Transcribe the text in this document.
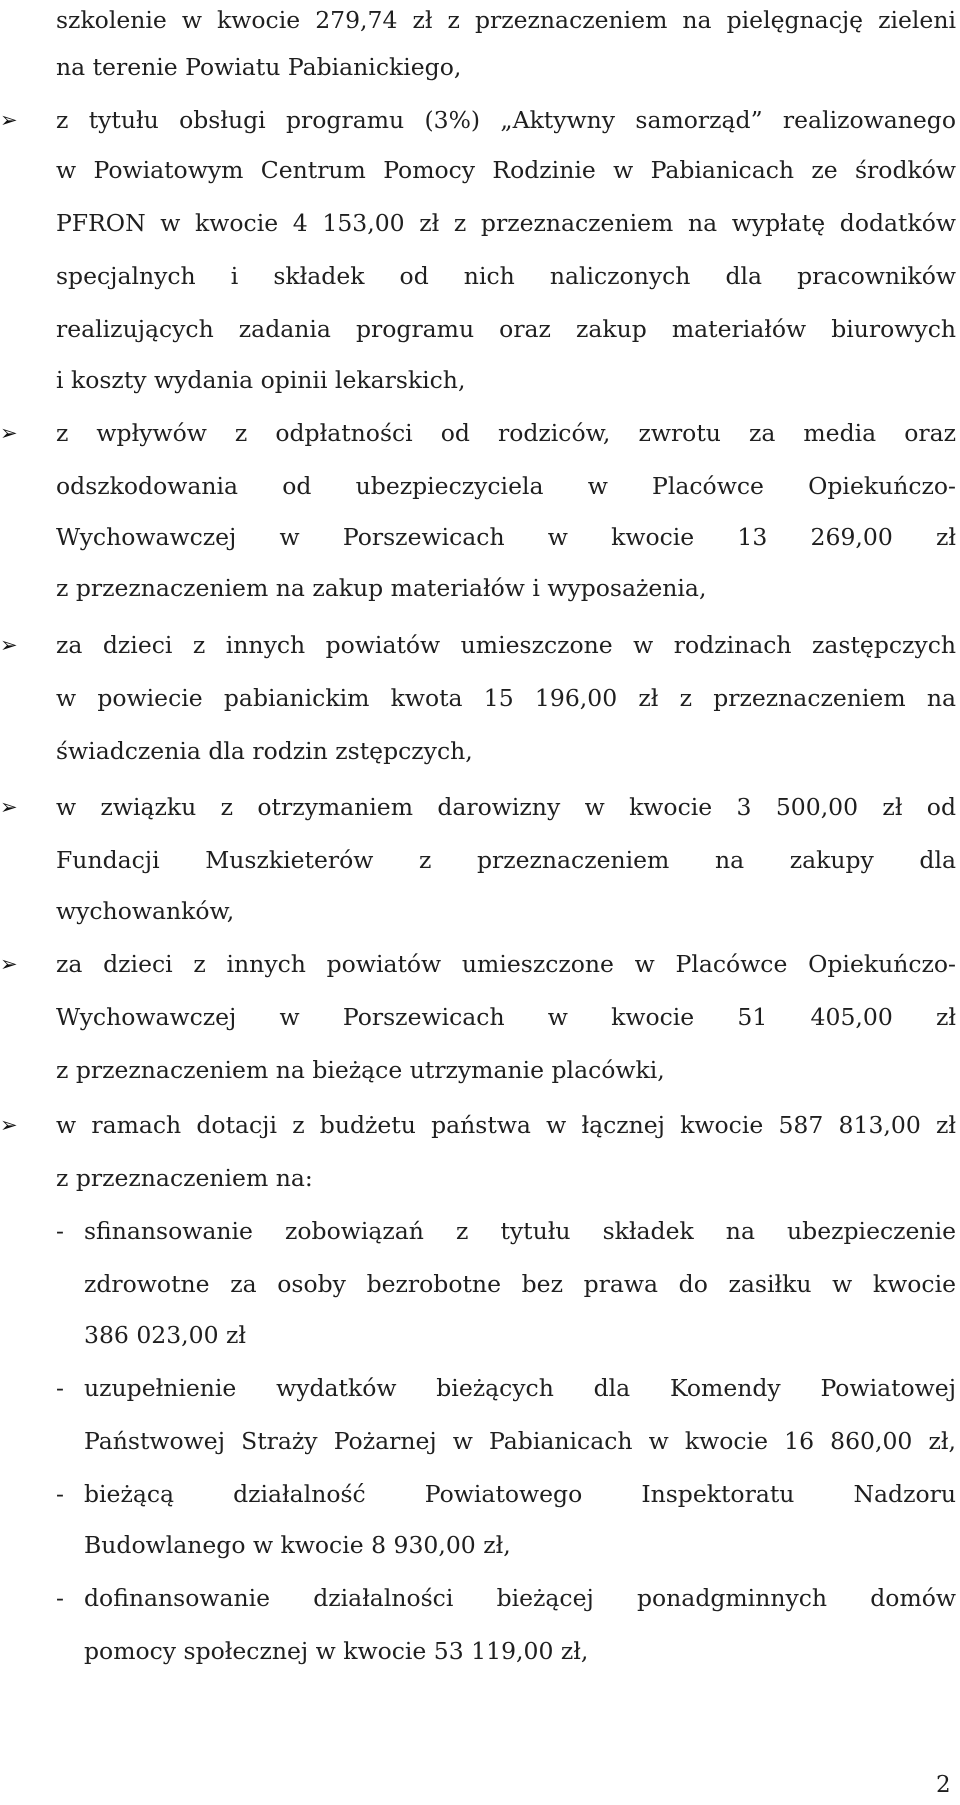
szkolenie w kwocie 279,74 zł z przeznaczeniem na pielęgnację zieleni
na terenie Powiatu Pabianickiego,
➢ z tytułu obsługi programu (3%) „Aktywny samorząd” realizowanego
w Powiatowym Centrum Pomocy Rodzinie w Pabianicach ze środków
PFRON w kwocie 4 153,00 zł z przeznaczeniem na wypłatę dodatków
specjalnych i składek od nich naliczonych dla pracowników
realizujących zadania programu oraz zakup materiałów biurowych
i koszty wydania opinii lekarskich,
➢ z wpływów z odpłatności od rodziców, zwrotu za media oraz
odszkodowania od ubezpieczyciela w Placówce Opiekuńczo-
Wychowawczej w Porszewicach w kwocie 13 269,00 zł
z przeznaczeniem na zakup materiałów i wyposażenia,
➢ za dzieci z innych powiatów umieszczone w rodzinach zastępczych
w powiecie pabianickim kwota 15 196,00 zł z przeznaczeniem na
świadczenia dla rodzin zstępczych,
➢ w związku z otrzymaniem darowizny w kwocie 3 500,00 zł od
Fundacji Muszkieterów z przeznaczeniem na zakupy dla
wychowanków,
➢ za dzieci z innych powiatów umieszczone w Placówce Opiekuńczo-
Wychowawczej w Porszewicach w kwocie 51 405,00 zł
z przeznaczeniem na bieżące utrzymanie placówki,
➢ w ramach dotacji z budżetu państwa w łącznej kwocie 587 813,00 zł
z przeznaczeniem na:
- sfinansowanie zobowiązań z tytułu składek na ubezpieczenie
zdrowotne za osoby bezrobotne bez prawa do zasiłku w kwocie
386 023,00 zł
- uzupełnienie wydatków bieżących dla Komendy Powiatowej
Państwowej Straży Pożarnej w Pabianicach w kwocie 16 860,00 zł,
- bieżącą działalność Powiatowego Inspektoratu Nadzoru
Budowlanego w kwocie 8 930,00 zł,
- dofinansowanie działalności bieżącej ponadgminnych domów
pomocy społecznej w kwocie 53 119,00 zł,
2
